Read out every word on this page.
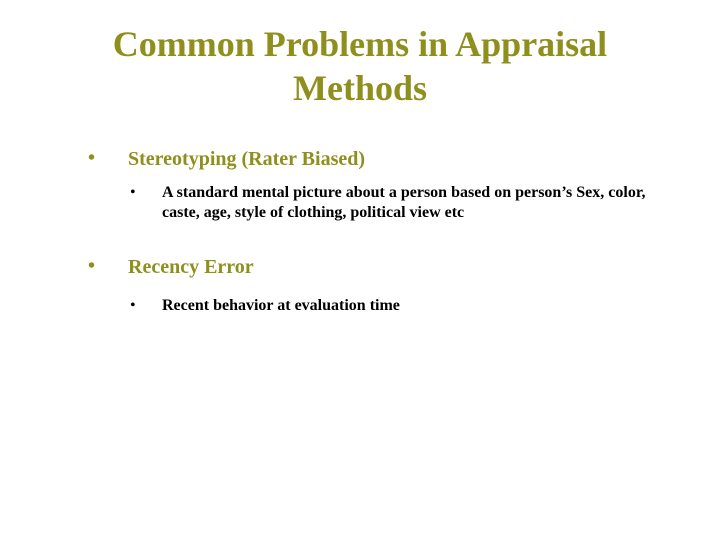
Common Problems in Appraisal Methods
• Stereotyping (Rater Biased)
• A standard mental picture about a person based on person’s Sex, color, caste, age, style of clothing, political view etc
• Recency Error
• Recent behavior at evaluation time
